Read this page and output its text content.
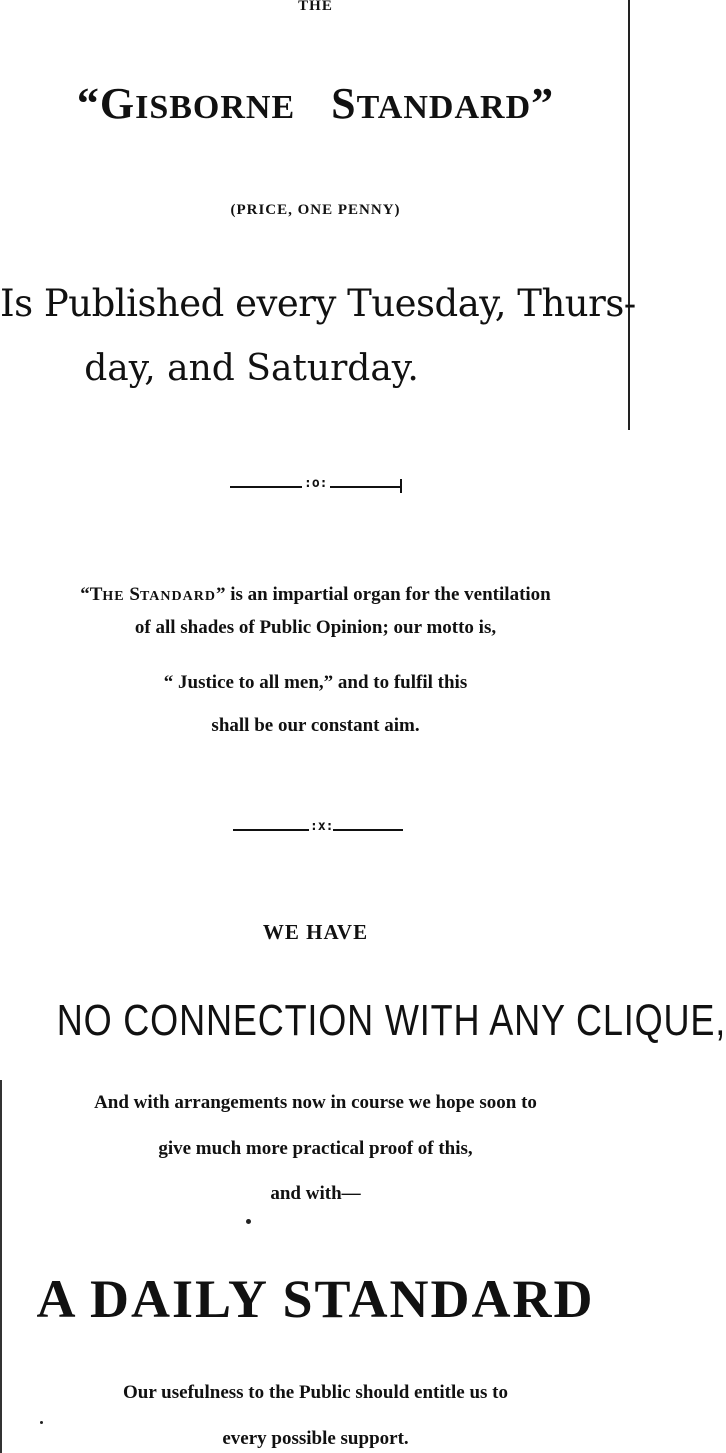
THE
“GISBORNE STANDARD”
(PRICE, ONE PENNY)
Is Published every Tuesday, Thurs-
day, and Saturday.
:o:
“THE STANDARD” is an impartial organ for the ventilation
of all shades of Public Opinion; our motto is,
“ Justice to all men,” and to fulfil this
shall be our constant aim.
:x:
WE HAVE
NO CONNECTION WITH ANY CLIQUE,
And with arrangements now in course we hope soon to
give much more practical proof of this,
and with—
A DAILY STANDARD
Our usefulness to the Public should entitle us to
every possible support.
